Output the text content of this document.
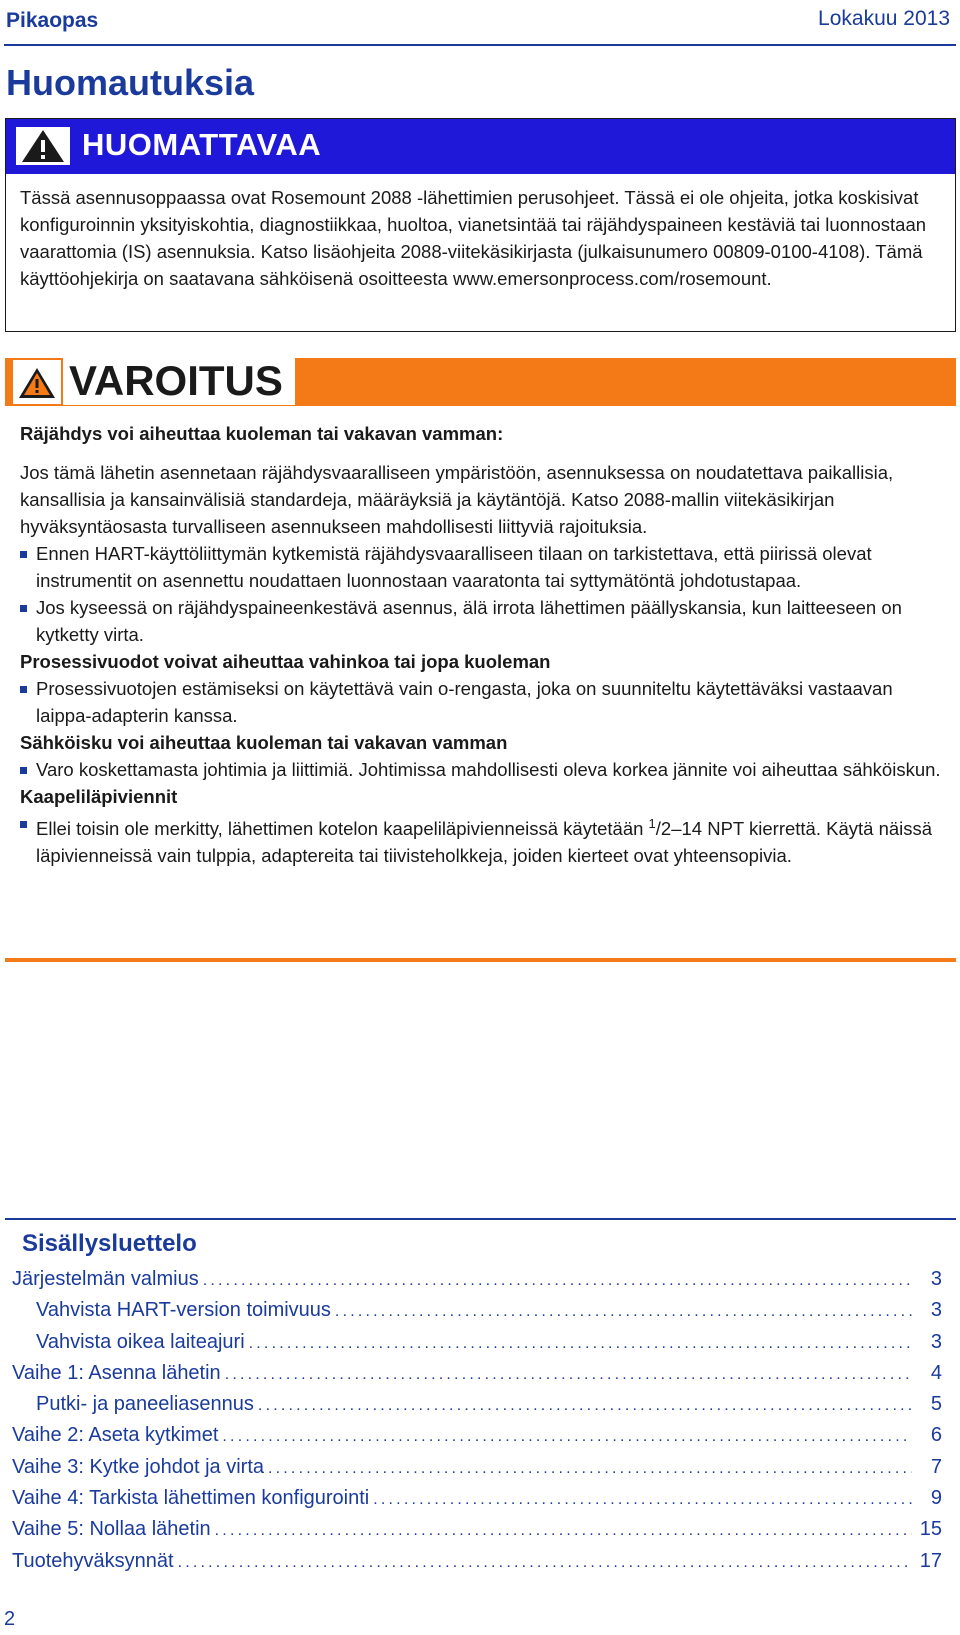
Pikaopas	Lokakuu 2013
Huomautuksia
HUOMATTAVAA

Tässä asennusoppaassa ovat Rosemount 2088 -lähettimien perusohjeet. Tässä ei ole ohjeita, jotka koskisivat konfiguroinnin yksityiskohtia, diagnostiikkaa, huoltoa, vianetsintää tai räjähdyspaineen kestäviä tai luonnostaan vaarattomia (IS) asennuksia. Katso lisäohjeita 2088-viitekäsikirjasta (julkaisunumero 00809-0100-4108). Tämä käyttöohjekirja on saatavana sähköisenä osoitteesta www.emersonprocess.com/rosemount.

VAROITUS

Räjähdys voi aiheuttaa kuoleman tai vakavan vamman:

Jos tämä lähetin asennetaan räjähdysvaaralliseen ympäristöön, asennuksessa on noudatettava paikallisia, kansallisia ja kansainvälisiä standardeja, määräyksiä ja käytäntöjä. Katso 2088-mallin viitekäsikirjan hyväksyntäosasta turvalliseen asennukseen mahdollisesti liittyviä rajoituksia.

Ennen HART-käyttöliittymän kytkemistä räjähdysvaaralliseen tilaan on tarkistettava, että piirissä olevat instrumentit on asennettu noudattaen luonnostaan vaaratonta tai syttymätöntä johdotustapaa.

Jos kyseessä on räjähdyspaineenkestävä asennus, älä irrota lähettimen päällyskansia, kun laitteeseen on kytketty virta.

Prosessivuodot voivat aiheuttaa vahinkoa tai jopa kuoleman

Prosessivuotojen estämiseksi on käytettävä vain o-rengasta, joka on suunniteltu käytettäväksi vastaavan laippa-adapterin kanssa.

Sähköisku voi aiheuttaa kuoleman tai vakavan vamman

Varo koskettamasta johtimia ja liittimiä. Johtimissa mahdollisesti oleva korkea jännite voi aiheuttaa sähköiskun.

Kaapeliläpiviennit

Ellei toisin ole merkitty, lähettimen kotelon kaapeliläpivienneissä käytetään $^1$/2–14 NPT kierrettä. Käytä näissä läpivienneissä vain tulppia, adaptereita tai tiivisteholkkeja, joiden kierteet ovat yhteensopivia.

Sisällysluettelo
Järjestelmän valmius .....	3
Vahvista HART-version toimivuus .....	3
Vahvista oikea laiteajuri .....	3
Vaihe 1: Asenna lähetin .....	4
Putki- ja paneeliasennus .....	5
Vaihe 2: Aseta kytkimet .....	6
Vaihe 3: Kytke johdot ja virta .....	7
Vaihe 4: Tarkista lähettimen konfigurointi .....	9
Vaihe 5: Nollaa lähetin .....	15
Tuotehyväksynnät .....	17
2
